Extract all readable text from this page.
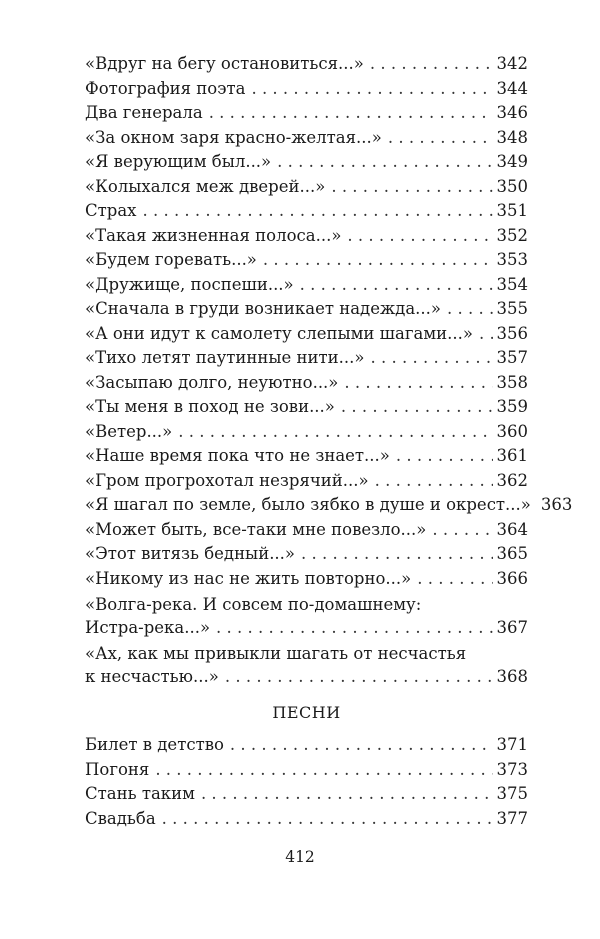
«Вдруг на бегу остановиться...» . . .	342
Фотография поэта . . .	344
Два генерала . . .	346
«За окном заря красно-желтая...» . . .	348
«Я верующим был...» . . .	349
«Колыхался меж дверей...» . . .	350
Страх . . .	351
«Такая жизненная полоса...» . . .	352
«Будем горевать...» . . .	353
«Дружище, поспеши...» . . .	354
«Сначала в груди возникает надежда...» . . .	355
«А они идут к самолету слепыми шагами...» . . . 356
«Тихо летят паутинные нити...» . . .	357
«Засыпаю долго, неуютно...» . . .	358
«Ты меня в поход не зови...» . . .	359
«Ветер...» . . .	360
«Наше время пока что не знает...» . . .	361
«Гром прогрохотал незрячий...» . . .	362
«Я шагал по земле, было зябко в душе и окрест...» . . . 363
«Может быть, все-таки мне повезло...» . . .	364
«Этот витязь бедный...» . . .	365
«Никому из нас не жить повторно...» . . .	366
«Волга-река. И совсем по-домашнему:
Истра-река...» . . .	367
«Ах, как мы привыкли шагать от несчастья
к несчастью...» . . .	368
ПЕСНИ
Билет в детство . . .	371
Погоня . . .	373
Стань таким . . .	375
Свадьба . . .	377
412
